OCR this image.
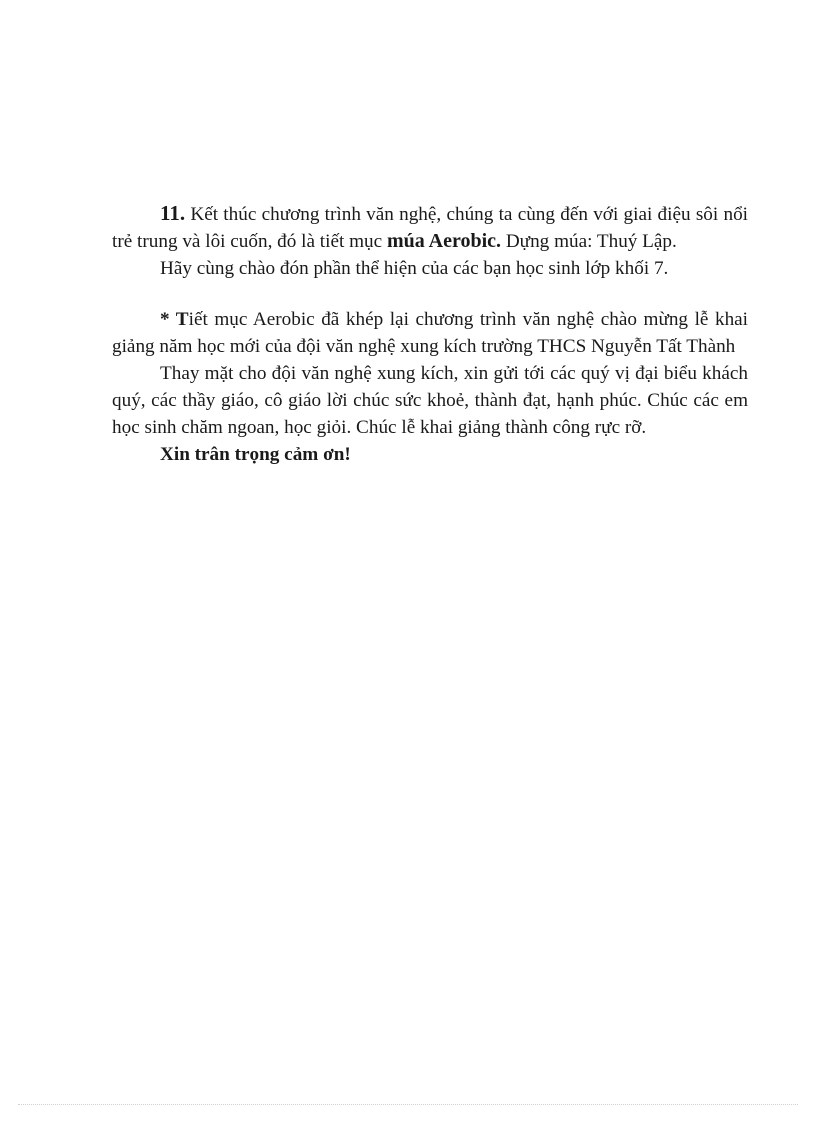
11. Kết thúc chương trình văn nghệ, chúng ta cùng đến với giai điệu sôi nổi trẻ trung và lôi cuốn, đó là tiết mục múa Aerobic. Dựng múa: Thuý Lập.

Hãy cùng chào đón phần thể hiện của các bạn học sinh lớp khối 7.

* Tiết mục Aerobic đã khép lại chương trình văn nghệ chào mừng lễ khai giảng năm học mới của đội văn nghệ xung kích trường THCS Nguyễn Tất Thành

Thay mặt cho đội văn nghệ xung kích, xin gửi tới các quý vị đại biểu khách quý, các thầy giáo, cô giáo lời chúc sức khoẻ, thành đạt, hạnh phúc. Chúc các em học sinh chăm ngoan, học giỏi. Chúc lễ khai giảng thành công rực rỡ.

Xin trân trọng cảm ơn!
